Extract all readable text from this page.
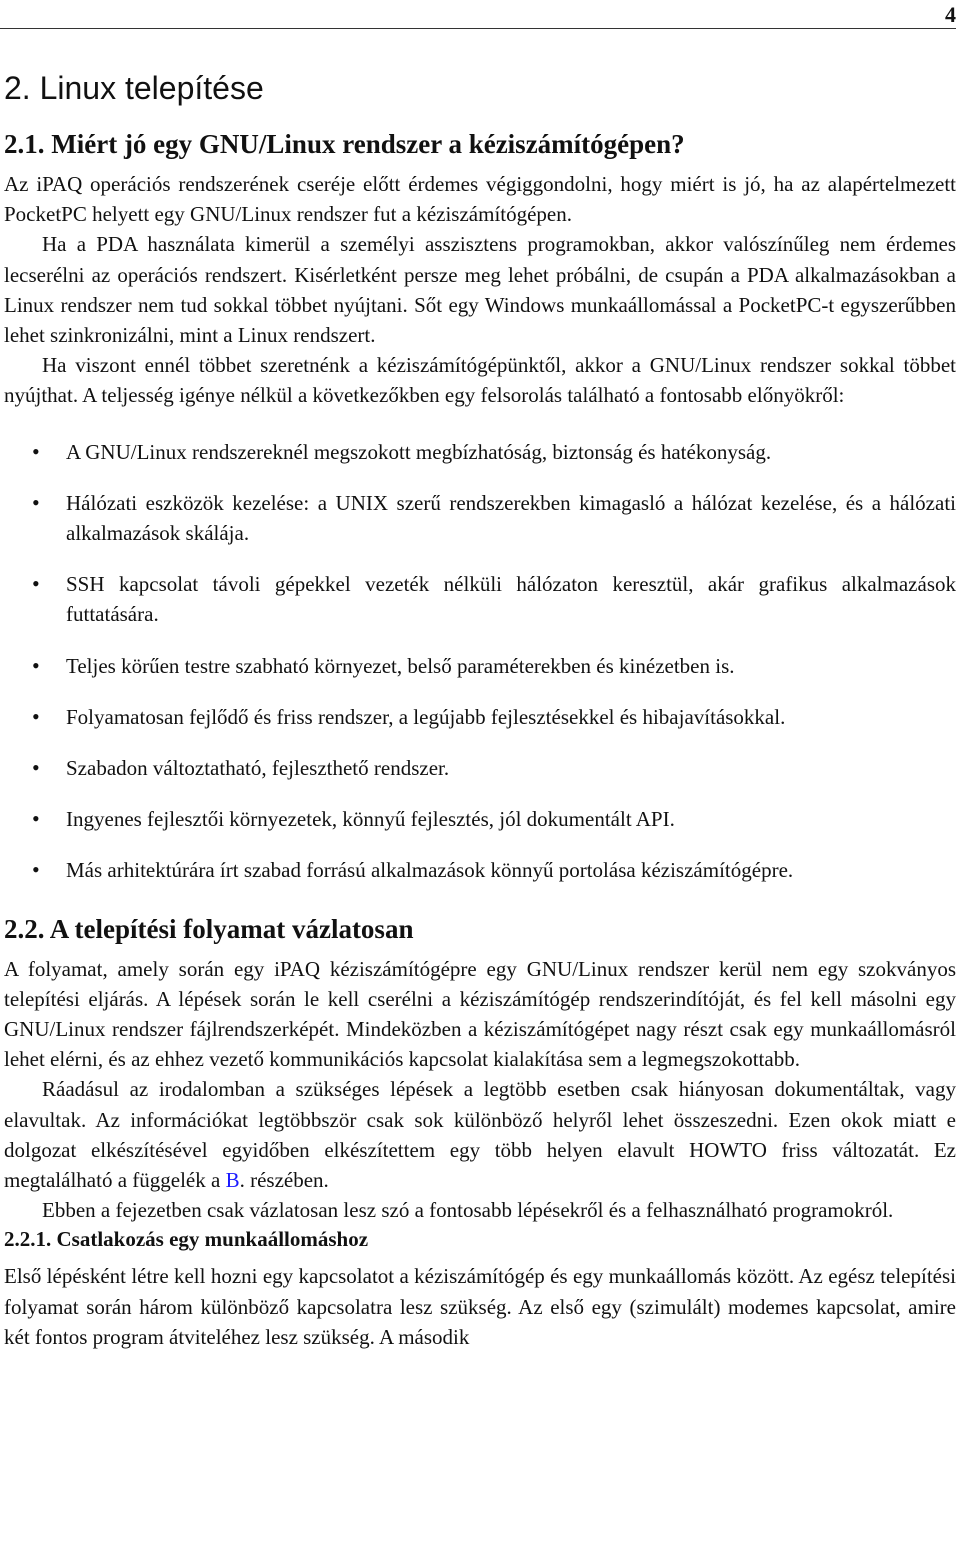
4
2. Linux telepítése
2.1. Miért jó egy GNU/Linux rendszer a kéziszámítógépen?

Az iPAQ operációs rendszerének cseréje előtt érdemes végiggondolni, hogy miért is jó, ha az alapértelmezett PocketPC helyett egy GNU/Linux rendszer fut a kéziszámítógépen.

Ha a PDA használata kimerül a személyi asszisztens programokban, akkor valószínűleg nem érdemes lecserélni az operációs rendszert. Kisérletként persze meg lehet próbálni, de csupán a PDA alkalmazásokban a Linux rendszer nem tud sokkal többet nyújtani. Sőt egy Windows munkaállomással a PocketPC-t egyszerűbben lehet szinkronizálni, mint a Linux rendszert.

Ha viszont ennél többet szeretnénk a kéziszámítógépünktől, akkor a GNU/Linux rendszer sokkal többet nyújthat. A teljesség igénye nélkül a következőkben egy felsorolás található a fontosabb előnyökről:

• A GNU/Linux rendszereknél megszokott megbízhatóság, biztonság és hatékonyság.
• Hálózati eszközök kezelése: a UNIX szerű rendszerekben kimagasló a hálózat kezelése, és a hálózati alkalmazások skálája.
• SSH kapcsolat távoli gépekkel vezeték nélküli hálózaton keresztül, akár grafikus alkalmazások futtatására.
• Teljes körűen testre szabható környezet, belső paraméterekben és kinézetben is.
• Folyamatosan fejlődő és friss rendszer, a legújabb fejlesztésekkel és hibajavításokkal.
• Szabadon változtatható, fejleszthető rendszer.
• Ingyenes fejlesztői környezetek, könnyű fejlesztés, jól dokumentált API.
• Más arhitektúrára írt szabad forrású alkalmazások könnyű portolása kéziszámítógépre.
2.2. A telepítési folyamat vázlatosan

A folyamat, amely során egy iPAQ kéziszámítógépre egy GNU/Linux rendszer kerül nem egy szokványos telepítési eljárás. A lépések során le kell cserélni a kéziszámítógép rendszerindítóját, és fel kell másolni egy GNU/Linux rendszer fájlrendszerképét. Mindeközben a kéziszámítógépet nagy részt csak egy munkaállomásról lehet elérni, és az ehhez vezető kommunikációs kapcsolat kialakítása sem a legmegszokottabb.

Ráadásul az irodalomban a szükséges lépések a legtöbb esetben csak hiányosan dokumentáltak, vagy elavultak. Az információkat legtöbbször csak sok különböző helyről lehet összeszedni. Ezen okok miatt e dolgozat elkészítésével egyidőben elkészítettem egy több helyen elavult HOWTO friss változatát. Ez megtalálható a függelék a B. részében.

Ebben a fejezetben csak vázlatosan lesz szó a fontosabb lépésekről és a felhasználható programokról.

2.2.1. Csatlakozás egy munkaállomáshoz

Első lépésként létre kell hozni egy kapcsolatot a kéziszámítógép és egy munkaállomás között. Az egész telepítési folyamat során három különböző kapcsolatra lesz szükség. Az első egy (szimulált) modemes kapcsolat, amire két fontos program átviteléhez lesz szükség. A második
